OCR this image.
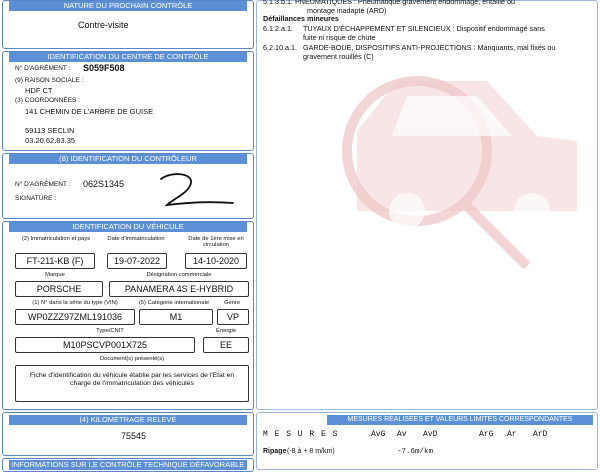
NATURE DU PROCHAIN CONTRÔLE
Contre-visite
IDENTIFICATION DU CENTRE DE CONTRÔLE
N° D'AGRÉMENT : S059F508
(9) RAISON SOCIALE :
HDF CT
(3) COORDONNÉES :
141 CHEMIN DE L'ARBRE DE GUISE
59113 SECLIN
03.20.62.83.35
(8) IDENTIFICATION DU CONTRÔLEUR
N° D'AGRÉMENT : 062S1345
SIGNATURE :
IDENTIFICATION DU VÉHICULE
(2) Immatriculation et pays	Date d'immatriculation	Date de 1ère mise en circulation
FT-211-KB (F)	19-07-2022	14-10-2020
Marque	Désignation commerciale
PORSCHE	PANAMERA 4S E-HYBRID
(1) N° dans la série du type (VIN)	(5) Catégorie internationale	Genre
WP0ZZZ97ZML191036	M1	VP
Type/CNIT	Énergie
M10PSCVP001X725	EE
Document(s) présenté(s)
Fiche d'identification du véhicule établie par les services de l'Etat en charge de l'immatriculation des véhicules
(4) KILOMÉTRAGE RELEVÉ
75545
INFORMATIONS SUR LE CONTRÔLE TECHNIQUE DÉFAVORABLE
5.1.3.b.1. PNEUMATIQUES : Pneumatique gravement endommagé, entaillé ou
montage inadapté (ARD)
Défaillances mineures
6.1.2.a.1. TUYAUX D'ÉCHAPPEMENT ET SILENCIEUX : Dispositif endommagé sans
fuite ni risque de chute
6.2.10.a.1. GARDE-BOUE, DISPOSITIFS ANTI-PROJECTIONS : Manquants, mal fixés ou
gravement rouillés (C)
MESURES RÉALISÉES ET VALEURS LIMITES CORRESPONDANTES
M E S U R E S	AvG Av AvD	ArG Ar ArD
Ripage (-8 à + 8 m/km)	-7.6m/km
